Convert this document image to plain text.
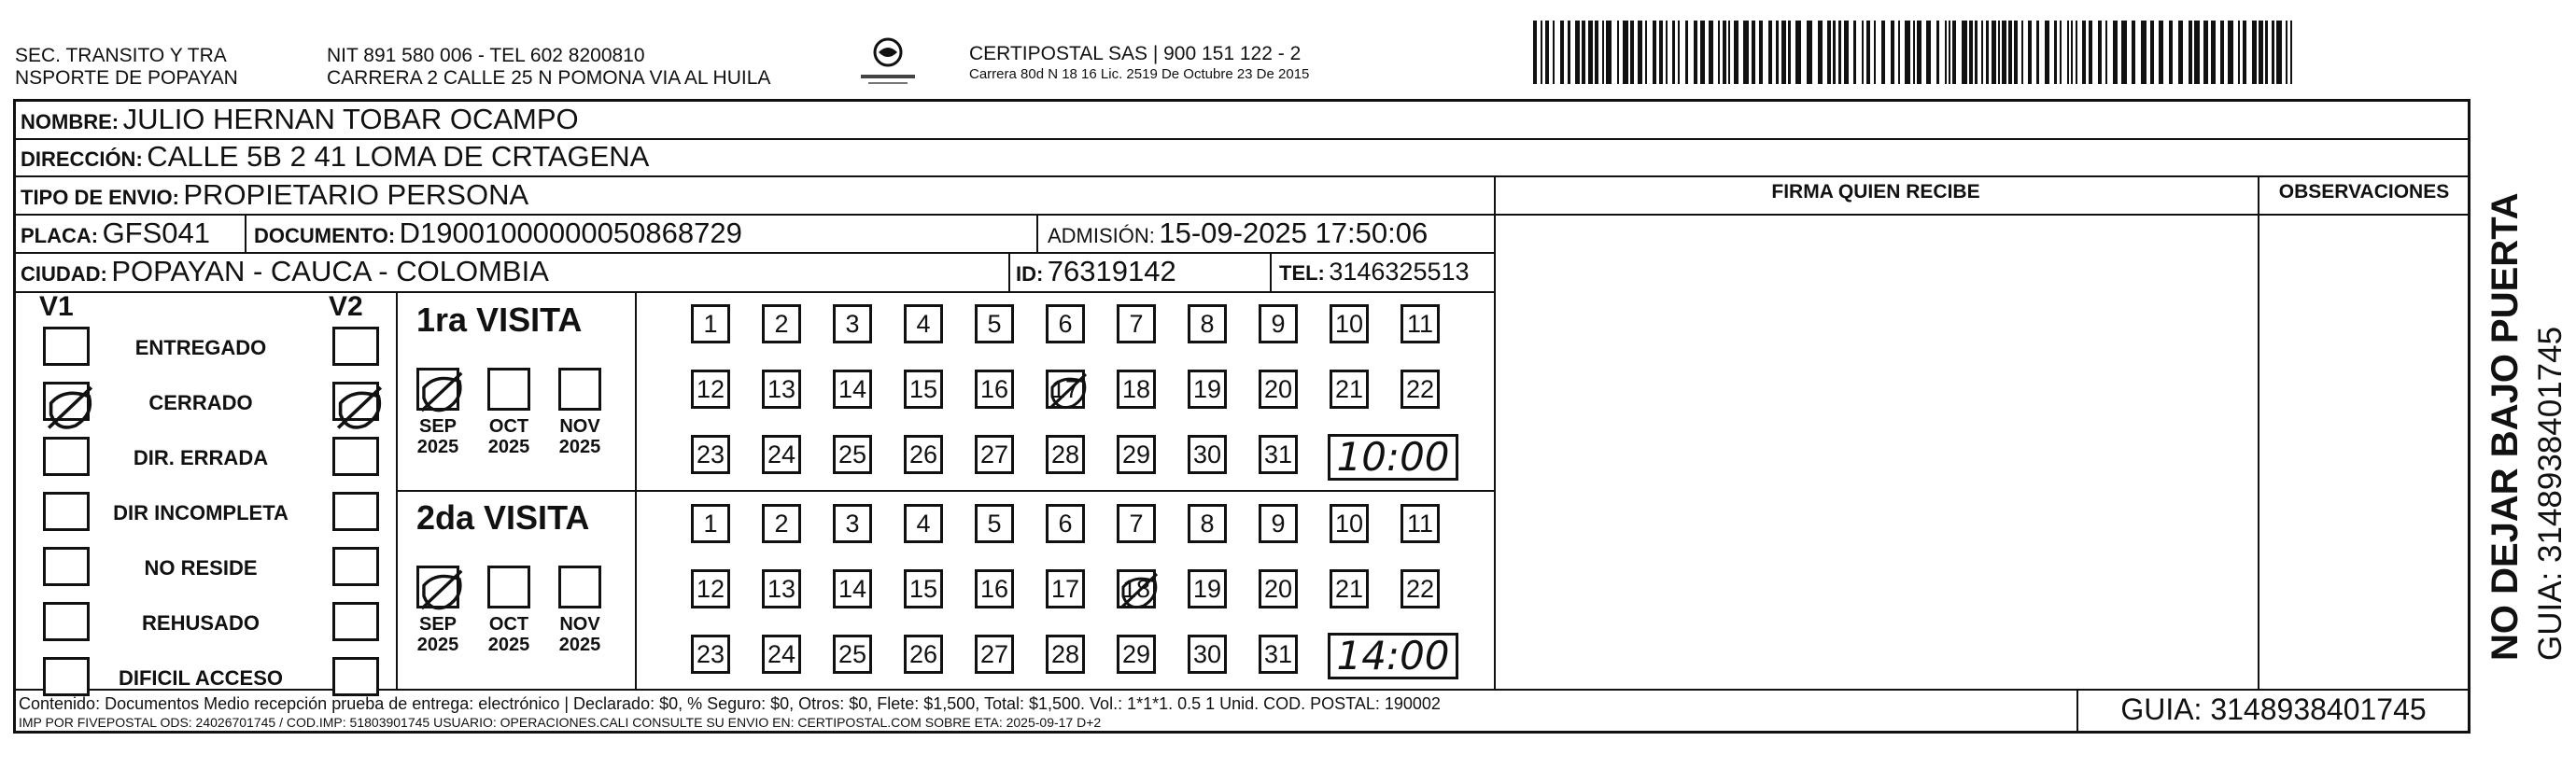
SEC. TRANSITO Y TRA
NSPORTE DE POPAYAN
NIT 891 580 006 - TEL 602 8200810
CARRERA 2 CALLE 25 N POMONA VIA AL HUILA
CERTIPOSTAL SAS | 900 151 122 - 2
Carrera 80d N 18 16 Lic. 2519 De Octubre 23 De 2015
NOMBRE: JULIO HERNAN TOBAR OCAMPO
DIRECCIÓN: CALLE 5B 2 41 LOMA DE CRTAGENA
TIPO DE ENVIO: PROPIETARIO PERSONA
PLACA: GFS041 DOCUMENTO: D19001000000050868729	ADMISIÓN: 15-09-2025 17:50:06
CIUDAD: POPAYAN - CAUCA - COLOMBIA	ID: 76319142	TEL: 3146325513
FIRMA QUIEN RECIBE	OBSERVACIONES
V1	V2
ENTREGADO
CERRADO
DIR. ERRADA
DIR INCOMPLETA
NO RESIDE
REHUSADO
DIFICIL ACCESO
1ra VISITA
SEP
2025
OCT
2025
NOV
2025
1	2	3	4	5	6	7	8	9	10 11
12 13 14 15 16 17 18 19 20 21 22
23 24 25 26 27 28 29 30 31 10:00
2da VISITA
SEP
2025
OCT
2025
NOV
2025
1	2	3	4	5	6	7	8	9	10 11
12 13 14 15 16 17 18 19 20 21 22
23 24 25 26 27 28 29 30 31 14:00
Contenido: Documentos Medio recepción prueba de entrega: electrónico | Declarado: $0, % Seguro: $0, Otros: $0, Flete: $1,500, Total: $1,500. Vol.: 1*1*1. 0.5 1 Unid. COD. POSTAL: 190002
IMP POR FIVEPOSTAL ODS: 24026701745 / COD.IMP: 51803901745 USUARIO: OPERACIONES.CALI CONSULTE SU ENVIO EN: CERTIPOSTAL.COM SOBRE ETA: 2025-09-17 D+2	GUIA: 3148938401745
NO DEJAR BAJO PUERTA GUIA: 3148938401745
